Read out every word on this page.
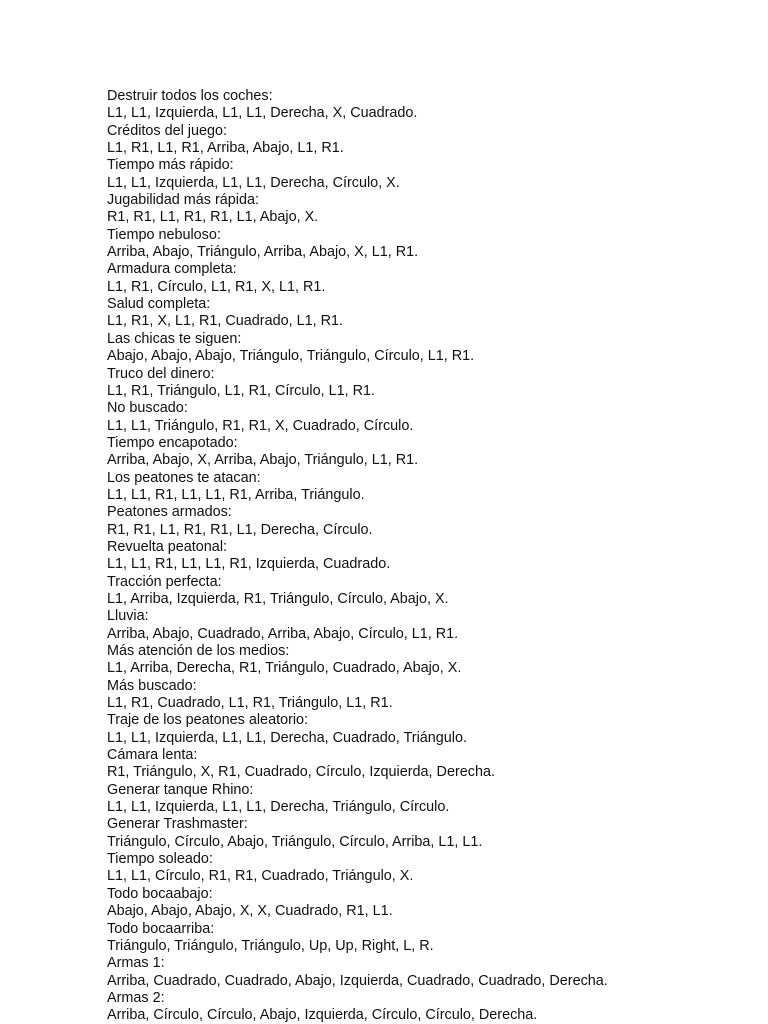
Destruir todos los coches:
L1, L1, Izquierda, L1, L1, Derecha, X, Cuadrado.
Créditos del juego:
L1, R1, L1, R1, Arriba, Abajo, L1, R1.
Tiempo más rápido:
L1, L1, Izquierda, L1, L1, Derecha, Círculo, X.
Jugabilidad más rápida:
R1, R1, L1, R1, R1, L1, Abajo, X.
Tiempo nebuloso:
Arriba, Abajo, Triángulo, Arriba, Abajo, X, L1, R1.
Armadura completa:
L1, R1, Círculo, L1, R1, X, L1, R1.
Salud completa:
L1, R1, X, L1, R1, Cuadrado, L1, R1.
Las chicas te siguen:
Abajo, Abajo, Abajo, Triángulo, Triángulo, Círculo, L1, R1.
Truco del dinero:
L1, R1, Triángulo, L1, R1, Círculo, L1, R1.
No buscado:
L1, L1, Triángulo, R1, R1, X, Cuadrado, Círculo.
Tiempo encapotado:
Arriba, Abajo, X, Arriba, Abajo, Triángulo, L1, R1.
Los peatones te atacan:
L1, L1, R1, L1, L1, R1, Arriba, Triángulo.
Peatones armados:
R1, R1, L1, R1, R1, L1, Derecha, Círculo.
Revuelta peatonal:
L1, L1, R1, L1, L1, R1, Izquierda, Cuadrado.
Tracción perfecta:
L1, Arriba, Izquierda, R1, Triángulo, Círculo, Abajo, X.
Lluvia:
Arriba, Abajo, Cuadrado, Arriba, Abajo, Círculo, L1, R1.
Más atención de los medios:
L1, Arriba, Derecha, R1, Triángulo, Cuadrado, Abajo, X.
Más buscado:
L1, R1, Cuadrado, L1, R1, Triángulo, L1, R1.
Traje de los peatones aleatorio:
L1, L1, Izquierda, L1, L1, Derecha, Cuadrado, Triángulo.
Cámara lenta:
R1, Triángulo, X, R1, Cuadrado, Círculo, Izquierda, Derecha.
Generar tanque Rhino:
L1, L1, Izquierda, L1, L1, Derecha, Triángulo, Círculo.
Generar Trashmaster:
Triángulo, Círculo, Abajo, Triángulo, Círculo, Arriba, L1, L1.
Tiempo soleado:
L1, L1, Círculo, R1, R1, Cuadrado, Triángulo, X.
Todo bocaabajo:
Abajo, Abajo, Abajo, X, X, Cuadrado, R1, L1.
Todo bocaarriba:
Triángulo, Triángulo, Triángulo, Up, Up, Right, L, R.
Armas 1:
Arriba, Cuadrado, Cuadrado, Abajo, Izquierda, Cuadrado, Cuadrado, Derecha.
Armas 2:
Arriba, Círculo, Círculo, Abajo, Izquierda, Círculo, Círculo, Derecha.
